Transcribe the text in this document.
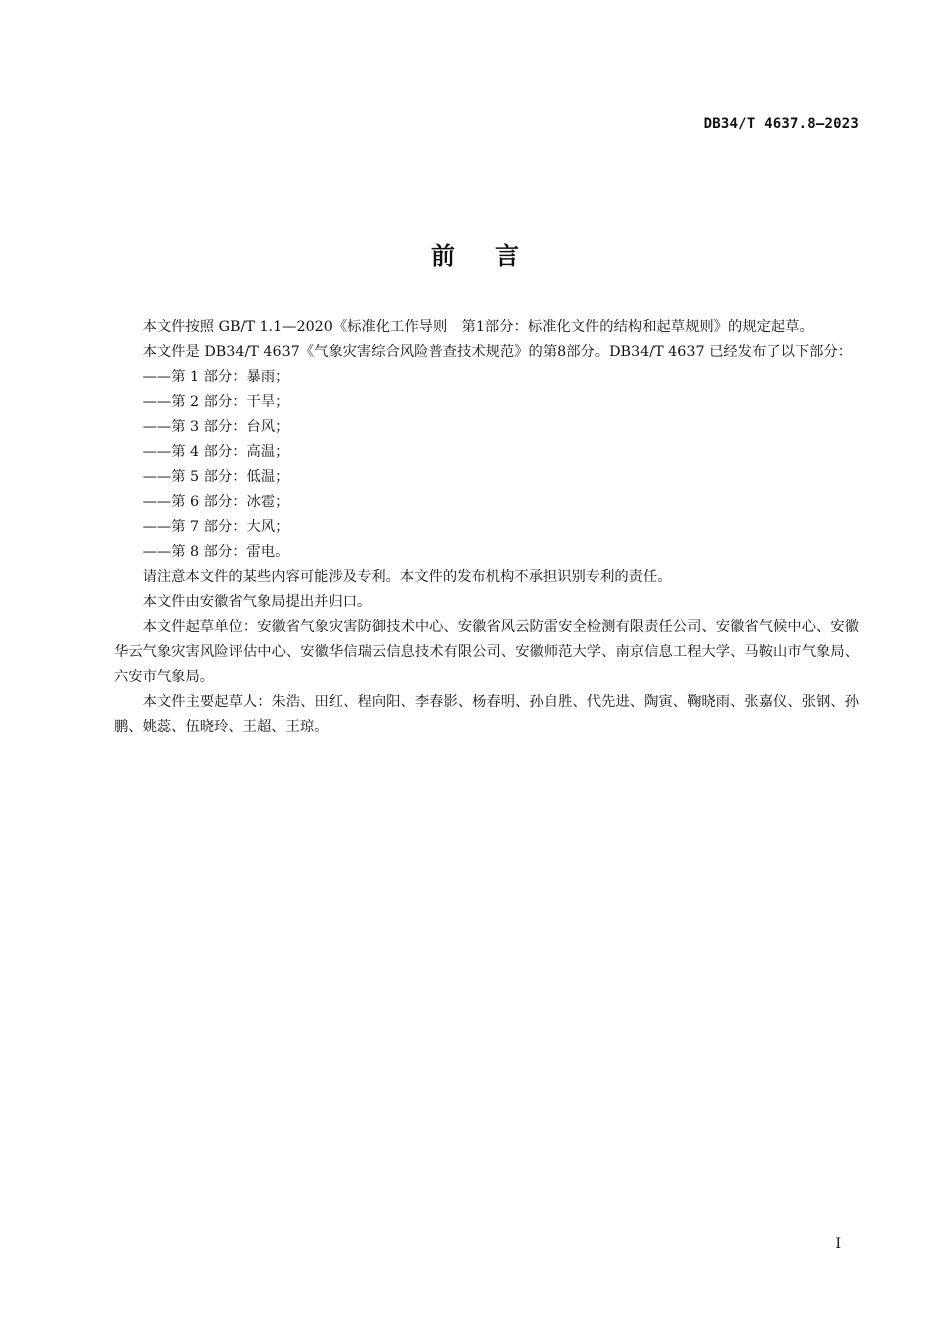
DB34/T 4637.8—2023
前言

本文件按照 GB/T 1.1—2020《标准化工作导则　第1部分：标准化文件的结构和起草规则》的规定起草。

本文件是 DB34/T 4637《气象灾害综合风险普查技术规范》的第8部分。DB34/T 4637 已经发布了以下部分：

——第 1 部分：暴雨；

——第 2 部分：干旱；

——第 3 部分：台风；

——第 4 部分：高温；

——第 5 部分：低温；

——第 6 部分：冰雹；

——第 7 部分：大风；

——第 8 部分：雷电。

请注意本文件的某些内容可能涉及专利。本文件的发布机构不承担识别专利的责任。

本文件由安徽省气象局提出并归口。

本文件起草单位：安徽省气象灾害防御技术中心、安徽省风云防雷安全检测有限责任公司、安徽省气候中心、安徽华云气象灾害风险评估中心、安徽华信瑞云信息技术有限公司、安徽师范大学、南京信息工程大学、马鞍山市气象局、六安市气象局。

本文件主要起草人：朱浩、田红、程向阳、李春影、杨春明、孙自胜、代先进、陶寅、鞠晓雨、张嘉仪、张钢、孙鹏、姚蕊、伍晓玲、王超、王琼。

I
